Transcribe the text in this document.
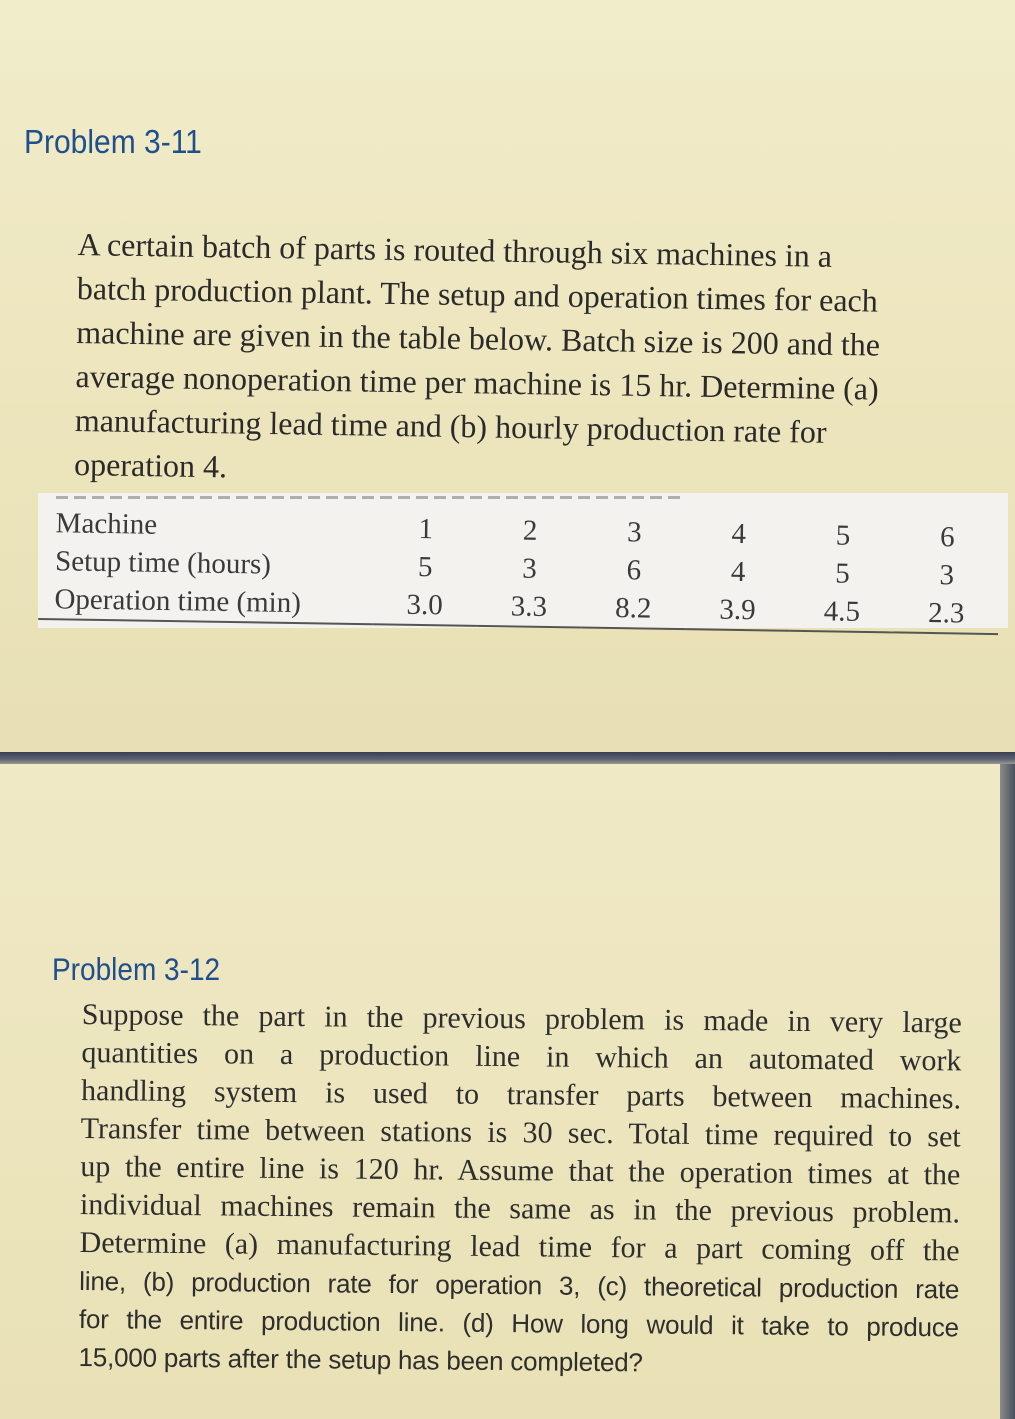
Problem 3-11
A certain batch of parts is routed through six machines in a
batch production plant. The setup and operation times for each
machine are given in the table below. Batch size is 200 and the
average nonoperation time per machine is 15 hr. Determine (a)
manufacturing lead time and (b) hourly production rate for
operation 4.
Machine	1	2	3	4	5	6
Setup time (hours)	5	3	6	4	5	3
Operation time (min)	3.0	3.3	8.2	3.9	4.5	2.3
Problem 3-12
Suppose the part in the previous problem is made in very large
quantities on a production line in which an automated work
handling system is used to transfer parts between machines.
Transfer time between stations is 30 sec. Total time required to set
up the entire line is 120 hr. Assume that the operation times at the
individual machines remain the same as in the previous problem.
Determine (a) manufacturing lead time for a part coming off the
line, (b) production rate for operation 3, (c) theoretical production rate
for the entire production line. (d) How long would it take to produce
15,000 parts after the setup has been completed?
